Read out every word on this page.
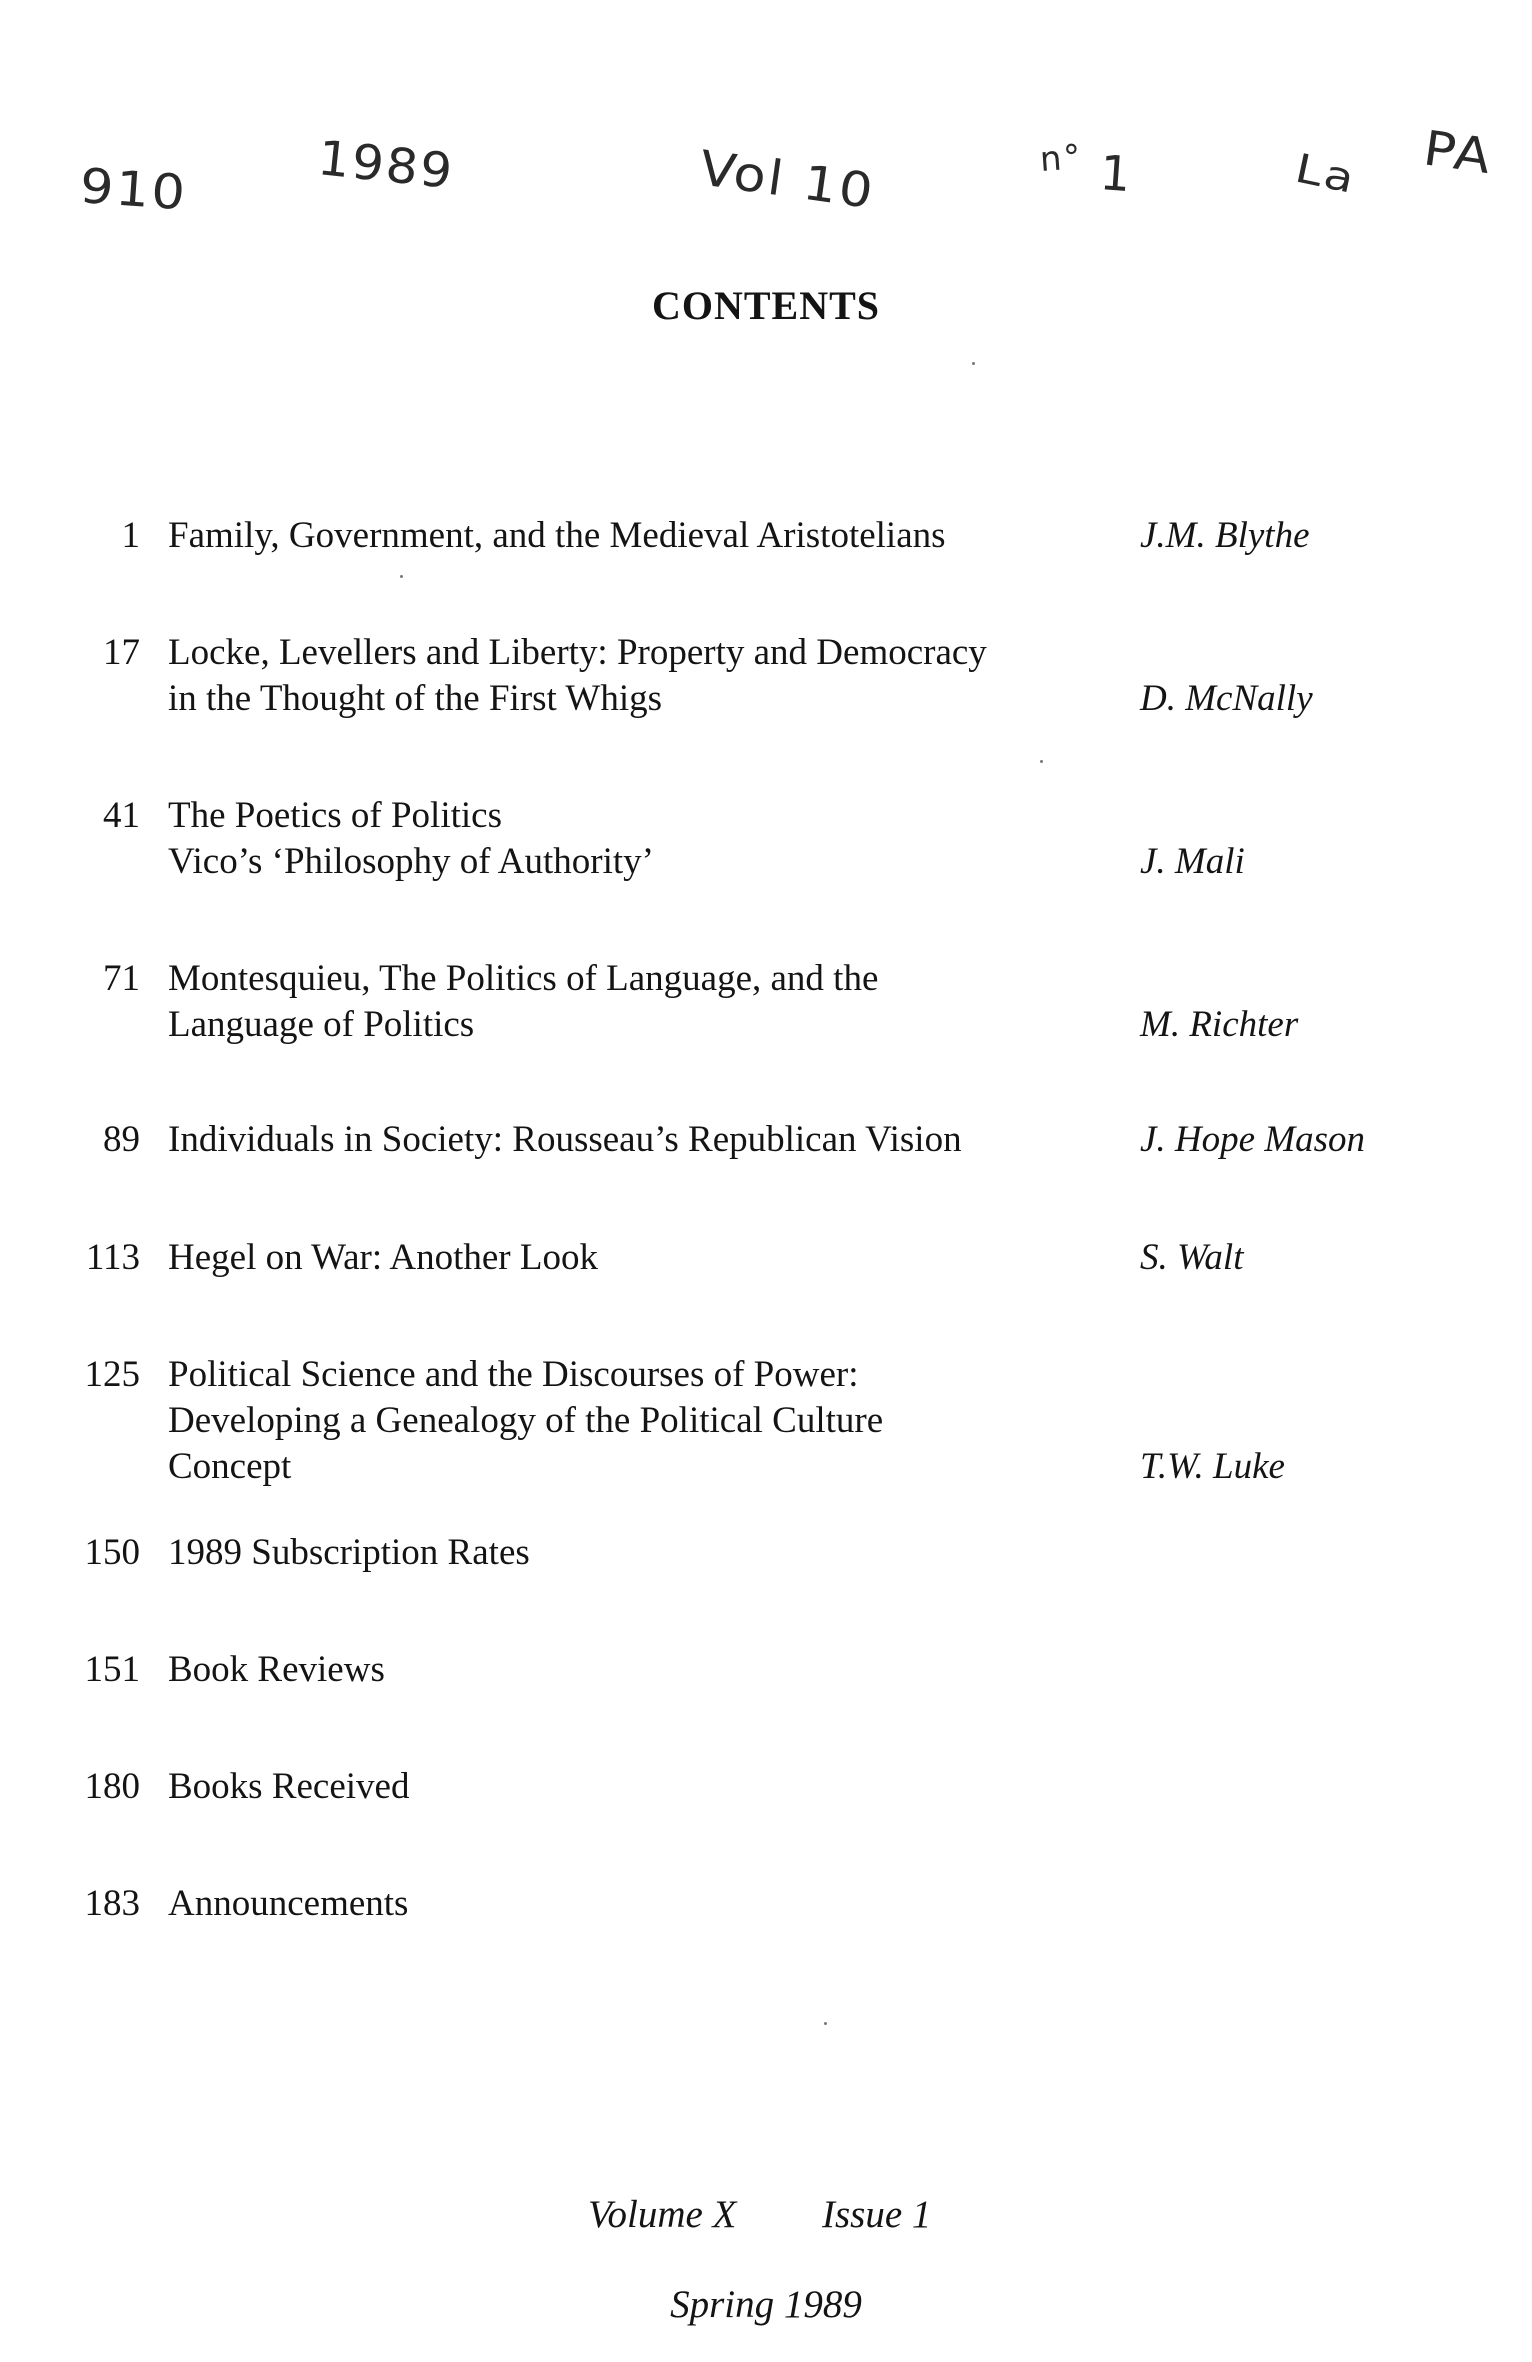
910	1989	Vol 10	n° 1	La PA
CONTENTS
1 Family, Government, and the Medieval Aristotelians	J.M. Blythe
17 Locke, Levellers and Liberty: Property and Democracy
in the Thought of the First Whigs	D. McNally
41 The Poetics of Politics
Vico’s ‘Philosophy of Authority’	J. Mali
71 Montesquieu, The Politics of Language, and the
Language of Politics	M. Richter
89 Individuals in Society: Rousseau’s Republican Vision	J. Hope Mason
113 Hegel on War: Another Look	S. Walt
125 Political Science and the Discourses of Power:
Developing a Genealogy of the Political Culture
Concept	T.W. Luke
150 1989 Subscription Rates
151 Book Reviews
180 Books Received
183 Announcements
Volume X Issue 1
Spring 1989
